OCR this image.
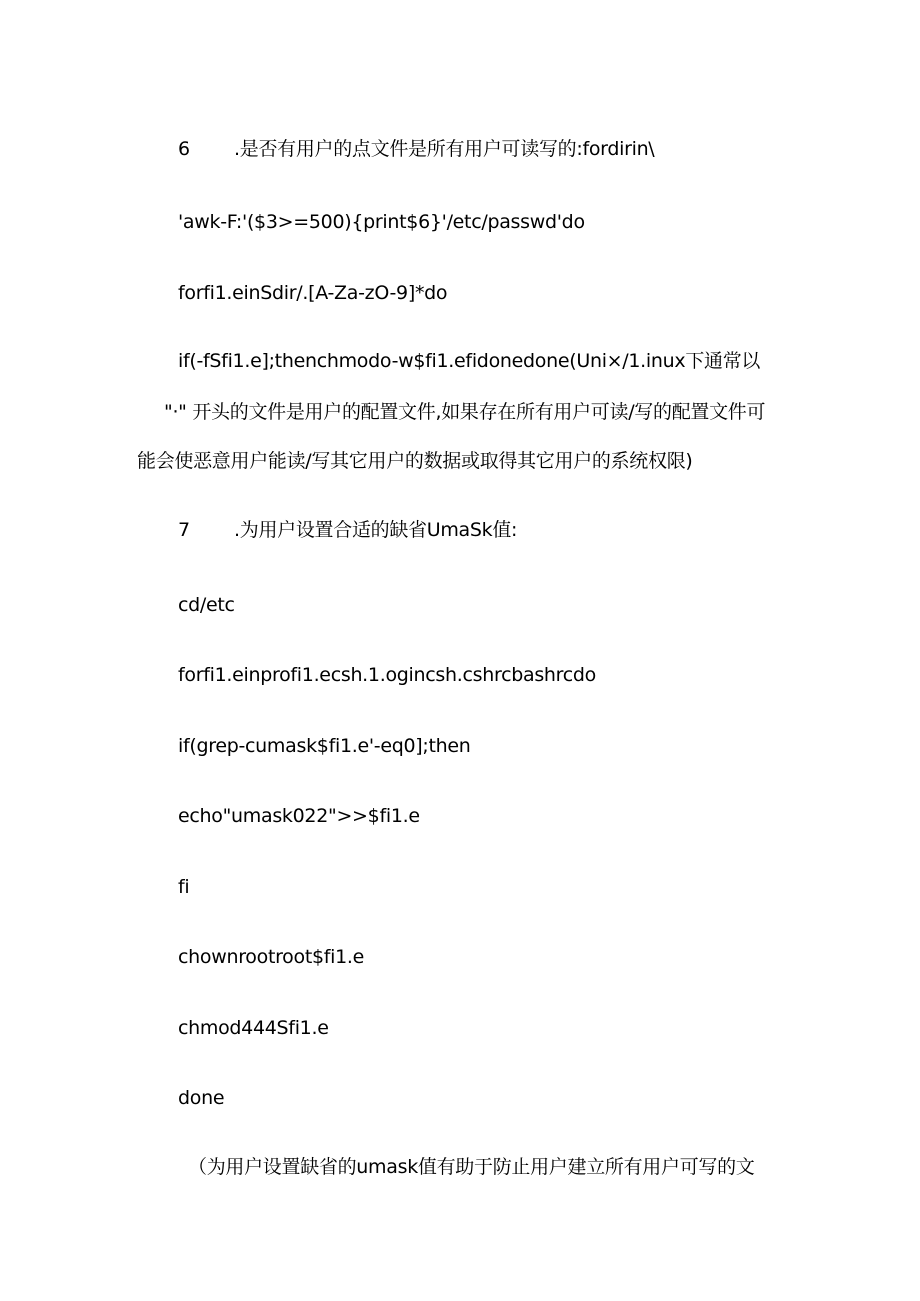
6 .是否有用户的点文件是所有用户可读写的:fordirin\
'awk-F:'($3>=500){print$6}'/etc/passwd'do
forfi1.einSdir/.[A-Za-zO-9]*do
if(-fSfi1.e];thenchmodo-w$fi1.efidonedone(Uni×/1.inux下通常以
"·" 开头的文件是用户的配置文件,如果存在所有用户可读/写的配置文件可
能会使恶意用户能读/写其它用户的数据或取得其它用户的系统权限)
7 .为用户设置合适的缺省UmaSk值:
cd/etc
forfi1.einprofi1.ecsh.1.ogincsh.cshrcbashrcdo
if(grep-cumask$fi1.e'-eq0];then
echo"umask022">>$fi1.e
fi
chownrootroot$fi1.e
chmod444Sfi1.e
done
（为用户设置缺省的umask值有助于防止用户建立所有用户可写的文
